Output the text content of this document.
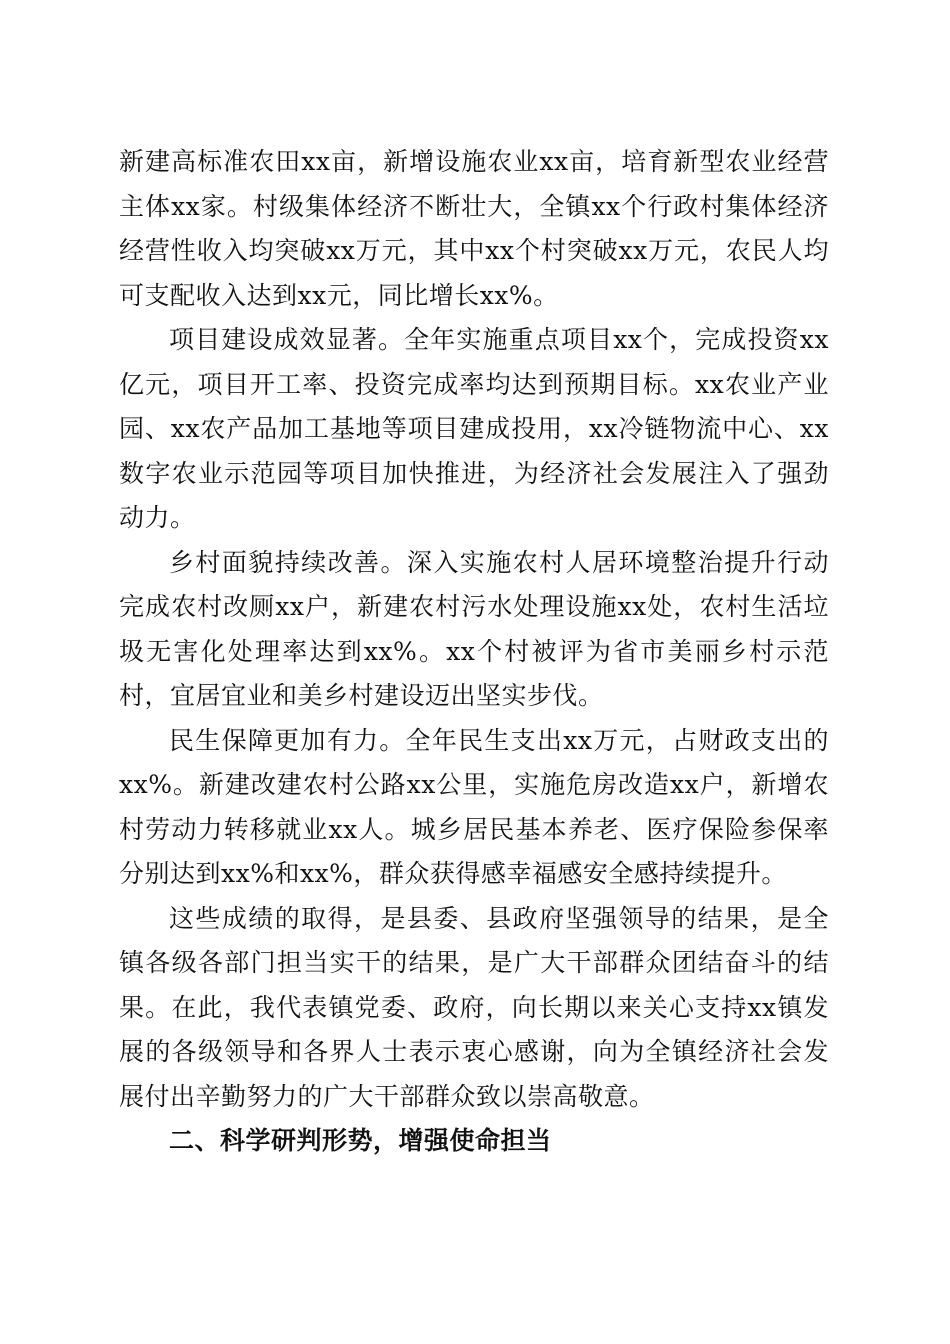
新建高标准农田xx亩，新增设施农业xx亩，培育新型农业经营主体xx家。村级集体经济不断壮大，全镇xx个行政村集体经济经营性收入均突破xx万元，其中xx个村突破xx万元，农民人均可支配收入达到xx元，同比增长xx%。

项目建设成效显著。全年实施重点项目xx个，完成投资xx亿元，项目开工率、投资完成率均达到预期目标。xx农业产业园、xx农产品加工基地等项目建成投用，xx冷链物流中心、xx数字农业示范园等项目加快推进，为经济社会发展注入了强劲动力。

乡村面貌持续改善。深入实施农村人居环境整治提升行动完成农村改厕xx户，新建农村污水处理设施xx处，农村生活垃圾无害化处理率达到xx%。xx个村被评为省市美丽乡村示范村，宜居宜业和美乡村建设迈出坚实步伐。

民生保障更加有力。全年民生支出xx万元，占财政支出的xx%。新建改建农村公路xx公里，实施危房改造xx户，新增农村劳动力转移就业xx人。城乡居民基本养老、医疗保险参保率分别达到xx%和xx%，群众获得感幸福感安全感持续提升。

这些成绩的取得，是县委、县政府坚强领导的结果，是全镇各级各部门担当实干的结果，是广大干部群众团结奋斗的结果。在此，我代表镇党委、政府，向长期以来关心支持xx镇发展的各级领导和各界人士表示衷心感谢，向为全镇经济社会发展付出辛勤努力的广大干部群众致以崇高敬意。

二、科学研判形势，增强使命担当
